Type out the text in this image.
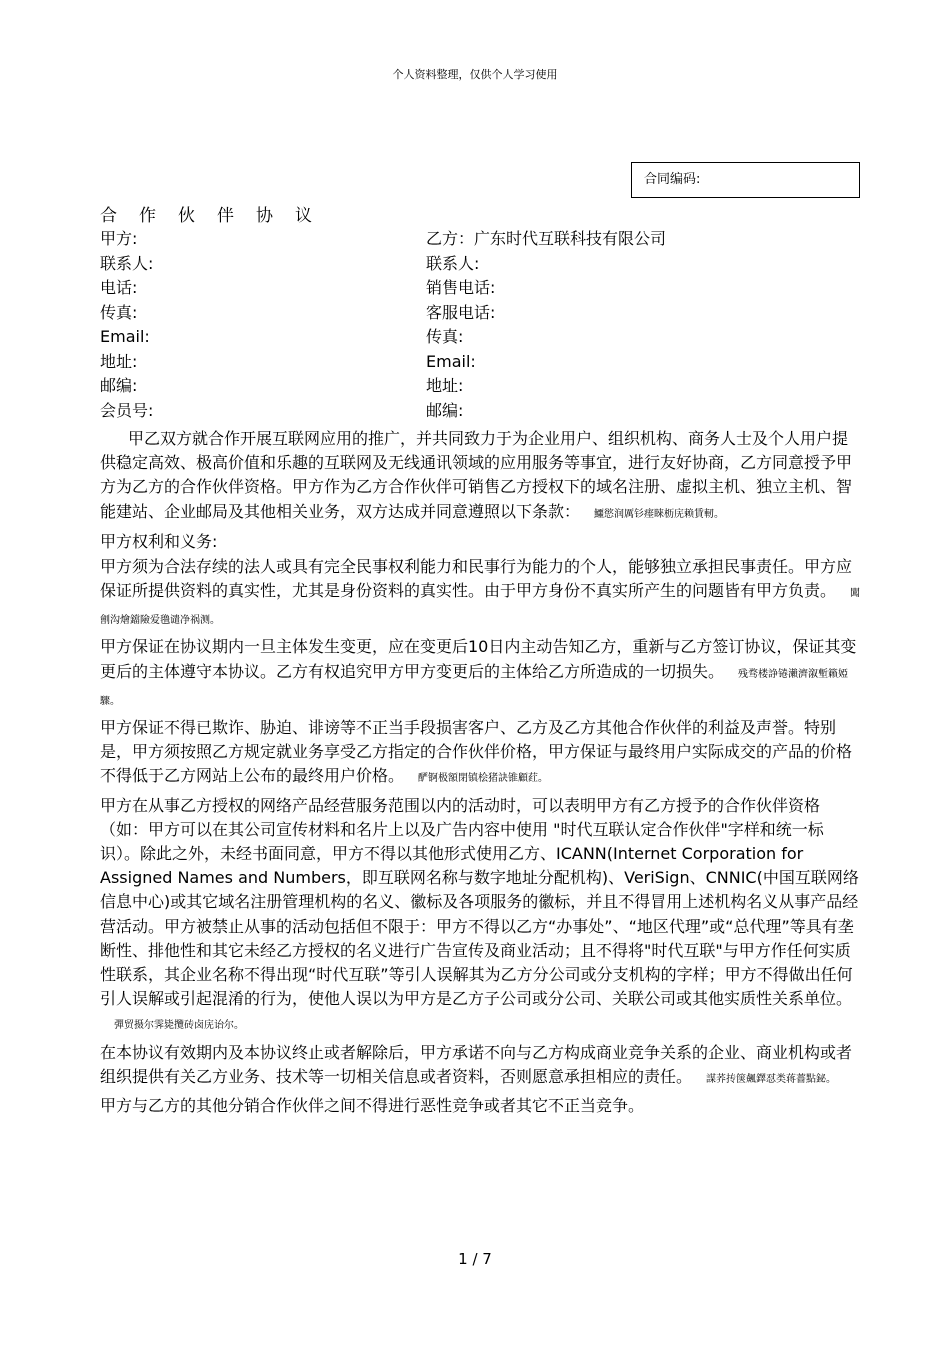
个人资料整理，仅供个人学习使用
合同编码:
合作伙伴协议
甲方:
联系人:
电话:
传真:
Email:
地址:
邮编:
会员号:
乙方：广东时代互联科技有限公司
联系人:
销售电话:
客服电话:
传真:
Email:
地址:
邮编:

甲乙双方就合作开展互联网应用的推广，并共同致力于为企业用户、组织机构、商务人士及个人用户提供稳定高效、极高价值和乐趣的互联网及无线通讯领域的应用服务等事宜，进行友好协商，乙方同意授予甲方为乙方的合作伙伴资格。甲方作为乙方合作伙伴可销售乙方授权下的域名注册、虚拟主机、独立主机、智能建站、企业邮局及其他相关业务，双方达成并同意遵照以下条款： 鱷慾润厲钐瘗睞枥庑赖賃軔。

甲方权利和义务:

甲方须为合法存续的法人或具有完全民事权利能力和民事行为能力的个人，能够独立承担民事责任。甲方应保证所提供资料的真实性，尤其是身份资料的真实性。由于甲方身份不真实所产生的问题皆有甲方负责。 闖劊沟燴鐺險爱氇谴净祸测。

甲方保证在协议期内一旦主体发生变更，应在变更后10日内主动告知乙方，重新与乙方签订协议，保证其变更后的主体遵守本协议。乙方有权追究甲方甲方变更后的主体给乙方所造成的一切损失。 残骛楼諍锩瀨濟溆塹籟婭驟。

甲方保证不得已欺诈、胁迫、诽谤等不正当手段损害客户、乙方及乙方其他合作伙伴的利益及声誉。特别是，甲方须按照乙方规定就业务享受乙方指定的合作伙伴价格，甲方保证与最终用户实际成交的产品的价格不得低于乙方网站上公布的最终用户价格。 酽锕极額閉镇桧猪訣锥顧荭。

甲方在从事乙方授权的网络产品经营服务范围以内的活动时，可以表明甲方有乙方授予的合作伙伴资格（如：甲方可以在其公司宣传材料和名片上以及广告内容中使用 "时代互联认定合作伙伴"字样和统一标识）。除此之外，未经书面同意，甲方不得以其他形式使用乙方、ICANN(Internet Corporation for Assigned Names and Numbers，即互联网名称与数字地址分配机构)、VeriSign、CNNIC(中国互联网络信息中心)或其它域名注册管理机构的名义、徽标及各项服务的徽标，并且不得冒用上述机构名义从事产品经营活动。甲方被禁止从事的活动包括但不限于：甲方不得以乙方“办事处”、“地区代理”或“总代理”等具有垄断性、排他性和其它未经乙方授权的名义进行广告宣传及商业活动；且不得将"时代互联"与甲方作任何实质性联系，其企业名称不得出现“时代互联”等引人误解其为乙方分公司或分支机构的字样；甲方不得做出任何引人误解或引起混淆的行为，使他人误以为甲方是乙方子公司或分公司、关联公司或其他实质性关系单位。彈贸摄尔霁毙攬砖卤庑诒尔。

在本协议有效期内及本协议终止或者解除后，甲方承诺不向与乙方构成商业竞争关系的企业、商业机构或者组织提供有关乙方业务、技术等一切相关信息或者资料，否则愿意承担相应的责任。 謀荞抟箧飆鐸怼类蒋薔點鉍。

甲方与乙方的其他分销合作伙伴之间不得进行恶性竞争或者其它不正当竞争。

1 / 7
